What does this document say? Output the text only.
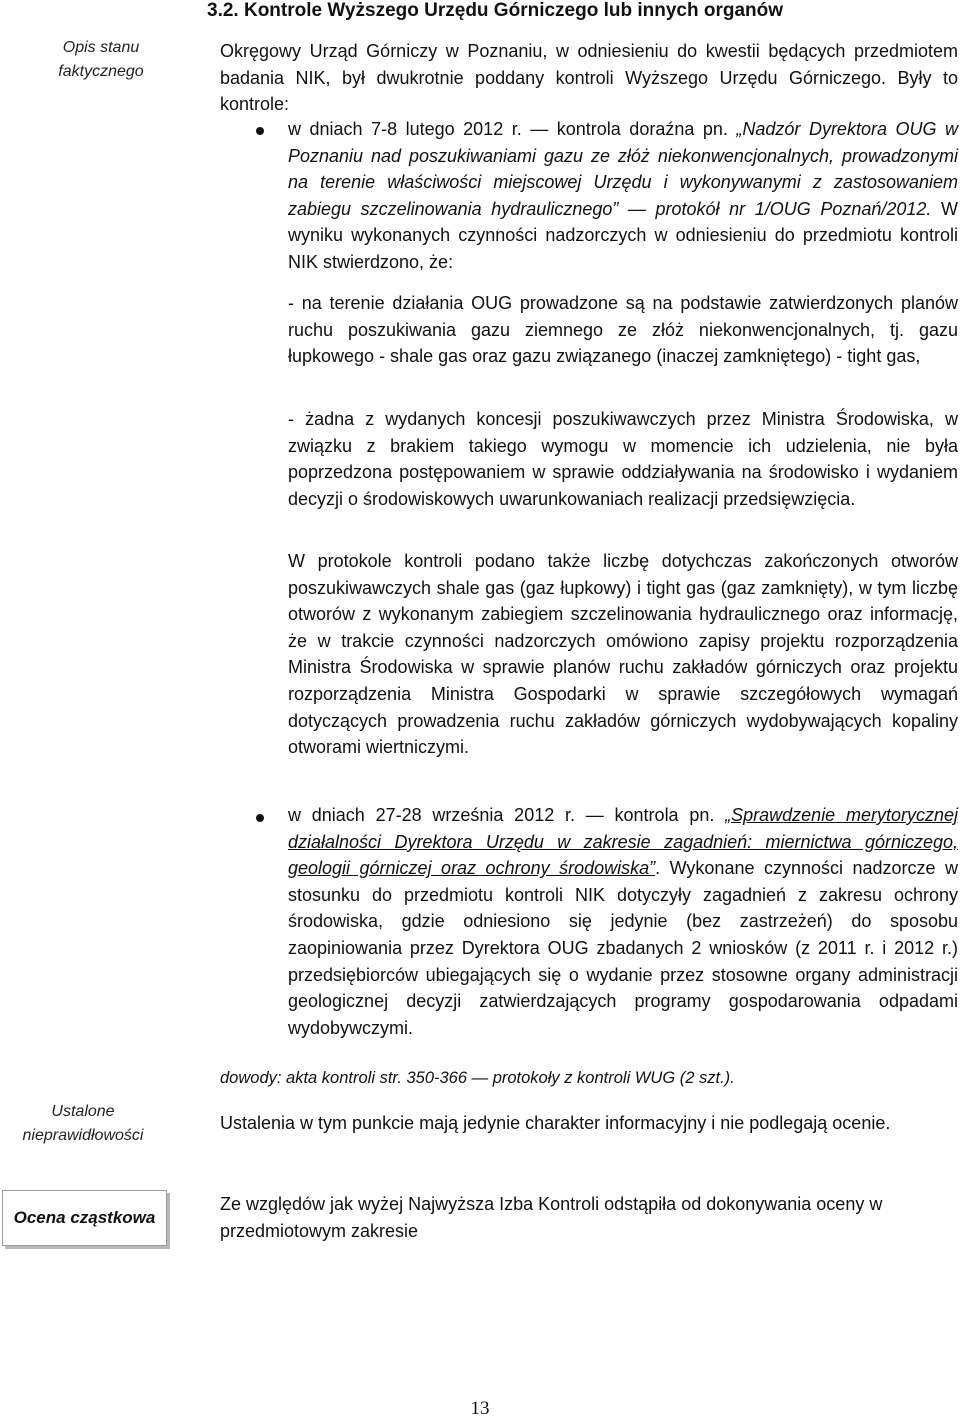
3.2. Kontrole Wyższego Urzędu Górniczego lub innych organów
Opis stanu faktycznego
Okręgowy Urząd Górniczy w Poznaniu, w odniesieniu do kwestii będących przedmiotem badania NIK, był dwukrotnie poddany kontroli Wyższego Urzędu Górniczego. Były to kontrole:
w dniach 7-8 lutego 2012 r. — kontrola doraźna pn. „Nadzór Dyrektora OUG w Poznaniu nad poszukiwaniami gazu ze złóż niekonwencjonalnych, prowadzonymi na terenie właściwości miejscowej Urzędu i wykonywanymi z zastosowaniem zabiegu szczelinowania hydraulicznego” — protokół nr 1/OUG Poznań/2012. W wyniku wykonanych czynności nadzorczych w odniesieniu do przedmiotu kontroli NIK stwierdzono, że:
- na terenie działania OUG prowadzone są na podstawie zatwierdzonych planów ruchu poszukiwania gazu ziemnego ze złóż niekonwencjonalnych, tj. gazu łupkowego - shale gas oraz gazu związanego (inaczej zamkniętego) - tight gas,
- żadna z wydanych koncesji poszukiwawczych przez Ministra Środowiska, w związku z brakiem takiego wymogu w momencie ich udzielenia, nie była poprzedzona postępowaniem w sprawie oddziaływania na środowisko i wydaniem decyzji o środowiskowych uwarunkowaniach realizacji przedsięwzięcia.
W protokole kontroli podano także liczbę dotychczas zakończonych otworów poszukiwawczych shale gas (gaz łupkowy) i tight gas (gaz zamknięty), w tym liczbę otworów z wykonanym zabiegiem szczelinowania hydraulicznego oraz informację, że w trakcie czynności nadzorczych omówiono zapisy projektu rozporządzenia Ministra Środowiska w sprawie planów ruchu zakładów górniczych oraz projektu rozporządzenia Ministra Gospodarki w sprawie szczegółowych wymagań dotyczących prowadzenia ruchu zakładów górniczych wydobywających kopaliny otworami wiertniczymi.
w dniach 27-28 września 2012 r. — kontrola pn. „Sprawdzenie merytorycznej działalności Dyrektora Urzędu w zakresie zagadnień: miernictwa górniczego, geologii górniczej oraz ochrony środowiska”. Wykonane czynności nadzorcze w stosunku do przedmiotu kontroli NIK dotyczyły zagadnień z zakresu ochrony środowiska, gdzie odniesiono się jedynie (bez zastrzeżeń) do sposobu zaopiniowania przez Dyrektora OUG zbadanych 2 wniosków (z 2011 r. i 2012 r.) przedsiębiorców ubiegających się o wydanie przez stosowne organy administracji geologicznej decyzji zatwierdzających programy gospodarowania odpadami wydobywczymi.
dowody: akta kontroli str. 350-366 — protokoły z kontroli WUG (2 szt.).
Ustalone nieprawidłowości
Ustalenia w tym punkcie mają jedynie charakter informacyjny i nie podlegają ocenie.
Ocena cząstkowa
Ze względów jak wyżej Najwyższa Izba Kontroli odstąpiła od dokonywania oceny w przedmiotowym zakresie
13
